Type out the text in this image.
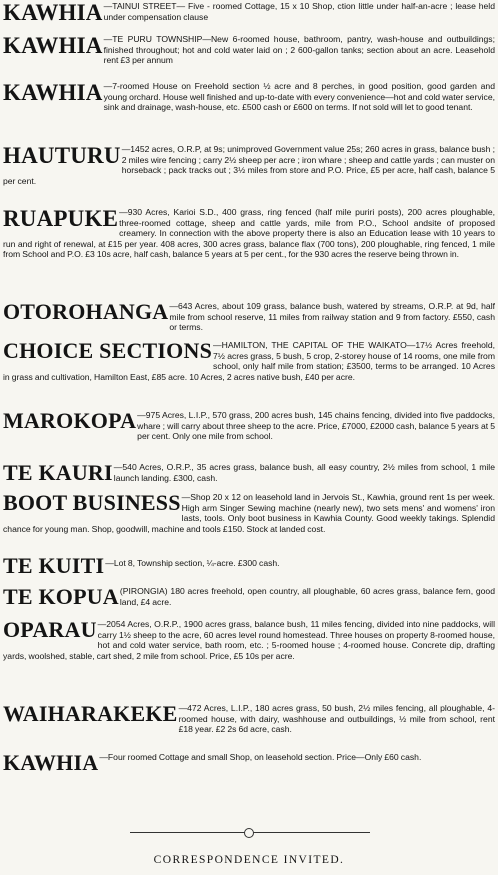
KAWHIA —TAINUI STREET— Five - roomed Cottage, 15 x 10 Shop, ction little under half-an-acre ; lease held under compensation clause
KAWHIA —TE PURU TOWNSHIP—New 6-roomed house, bathroom, pantry, wash-house and outbuildings; finished throughout; hot and cold water laid on ; 2 600-gallon tanks; section about an acre. Leasehold rent £3 per annum
KAWHIA —7-roomed House on Freehold section ½ acre and 8 perches, in good position, good garden and young orchard. House well finished and up-to-date with every convenience—hot and cold water service, sink and drainage, wash-house, etc. £500 cash or £600 on terms. If not sold will let to good tenant.
HAUTURU —1452 acres, O.R.P, at 9s; unimproved Government value 25s; 260 acres in grass, balance bush ; 2 miles wire fencing ; carry 2½ sheep per acre ; iron whare ; sheep and cattle yards ; can muster on horseback ; pack tracks out ; 3½ miles from store and P.O. Price, £5 per acre, half cash, balance 5 per cent.
RUAPUKE —930 Acres, Karioi S.D., 400 grass, ring fenced (half mile puriri posts), 200 acres ploughable, three-roomed cottage, sheep and cattle yards, mile from P.O., School andsite of proposed creamery. In connection with the above property there is also an Education lease with 10 years to run and right of renewal, at £15 per year. 408 acres, 300 acres grass, balance flax (700 tons), 200 ploughable, ring fenced, 1 mile from School and P.O. £3 10s acre, half cash, balance 5 years at 5 per cent., for the 930 acres the reserve being thrown in.
OTOROHANGA —643 Acres, about 109 grass, balance bush, watered by streams, O.R.P. at 9d, half mile from school reserve, 11 miles from railway station and 9 from factory. £550, cash or terms.
CHOICE SECTIONS —HAMILTON, THE CAPITAL OF THE WAIKATO—17½ Acres freehold, 7½ acres grass, 5 bush, 5 crop, 2-storey house of 14 rooms, one mile from school, only half mile from station; £3500, terms to be arranged. 10 Acres in grass and cultivation, Hamilton East, £85 acre. 10 Acres, 2 acres native bush, £40 per acre.
MAROKOPA —975 Acres, L.I.P., 570 grass, 200 acres bush, 145 chains fencing, divided into five paddocks, whare ; will carry about three sheep to the acre. Price, £7000, £2000 cash, balance 5 years at 5 per cent. Only one mile from school.
TE KAURI —540 Acres, O.R.P., 35 acres grass, balance bush, all easy country, 2½ miles from school, 1 mile launch landing. £300, cash.
BOOT BUSINESS —Shop 20 x 12 on leasehold land in Jervois St., Kawhia, ground rent 1s per week. High arm Singer Sewing machine (nearly new), two sets mens' and womens' iron lasts, tools. Only boot business in Kawhia County. Good weekly takings. Splendid chance for young man. Shop, goodwill, machine and tools £150. Stock at landed cost.
TE KUITI —Lot 8, Township section, ¼-acre. £300 cash.
TE KOPUA (PIRONGIA) 180 acres freehold, open country, all ploughable, 60 acres grass, balance fern, good land, £4 acre.
OPARAU —2054 Acres, O.R.P., 1900 acres grass, balance bush, 11 miles fencing, divided into nine paddocks, will carry 1½ sheep to the acre, 60 acres level round homestead. Three houses on property 8-roomed house, hot and cold water service, bath room, etc. ; 5-roomed house ; 4-roomed house. Concrete dip, drafting yards, woolshed, stable, cart shed, 2 mile from school. Price, £5 10s per acre.
WAIHARAKEKE —472 Acres, L.I.P., 180 acres grass, 50 bush, 2½ miles fencing, all ploughable, 4-roomed house, with dairy, washhouse and outbuildings, ½ mile from school, rent £18 year. £2 2s 6d acre, cash.
KAWHIA —Four roomed Cottage and small Shop, on leasehold section. Price—Only £60 cash.
CORRESPONDENCE INVITED.
